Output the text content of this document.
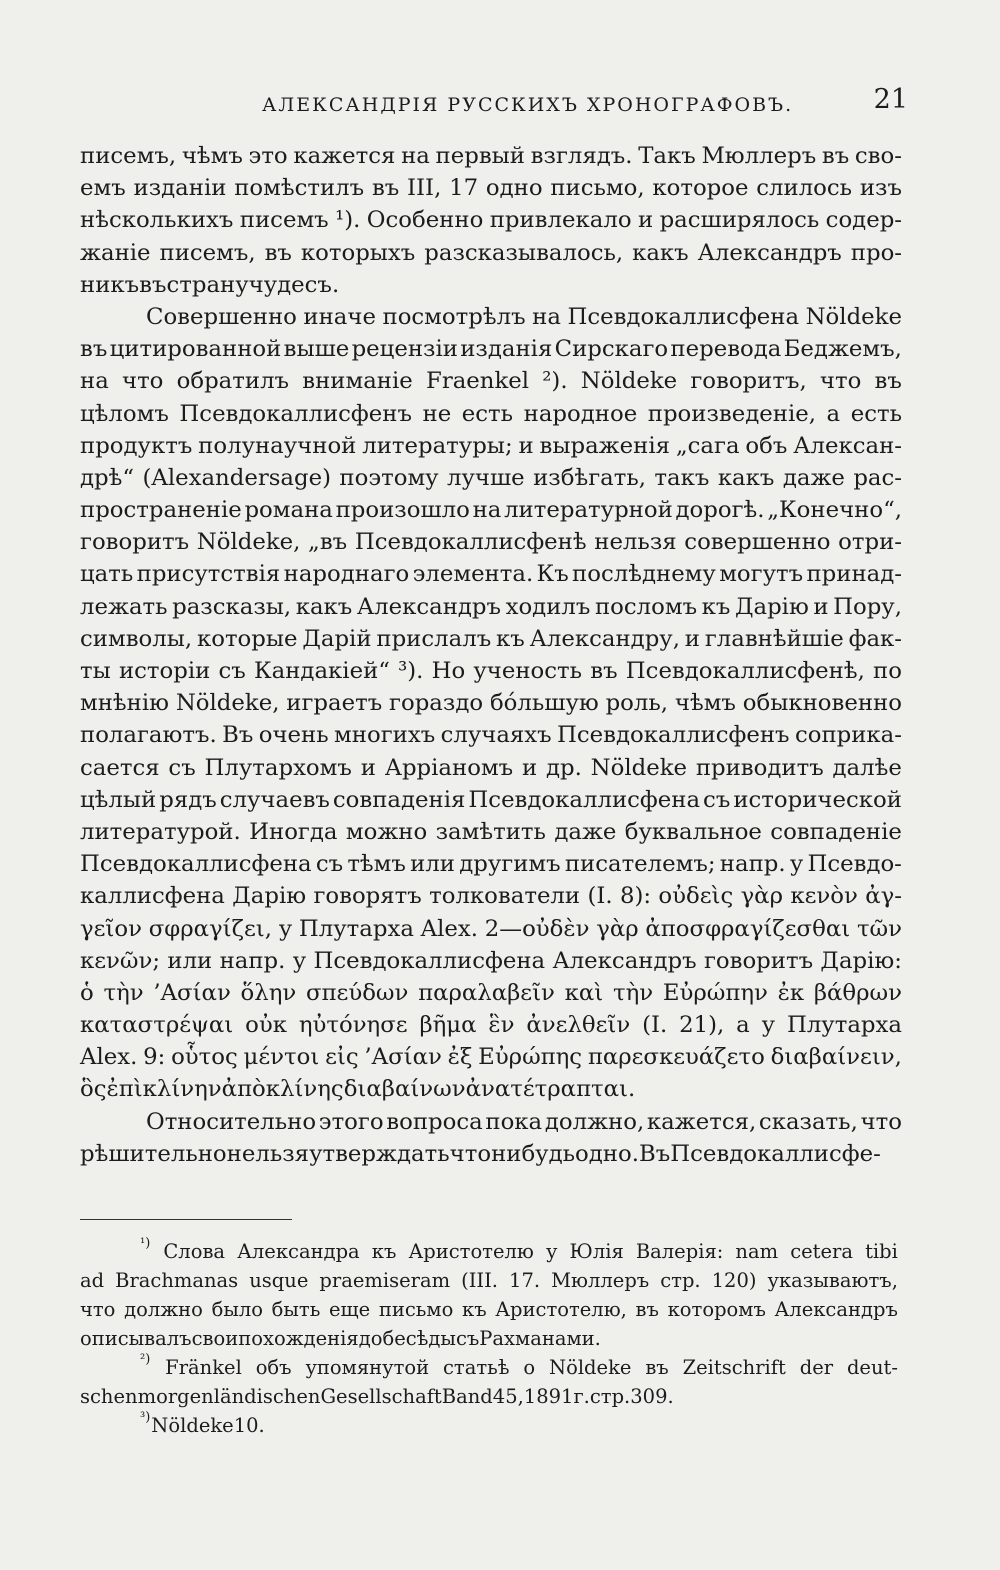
АЛЕКСАНДРІЯ РУССКИХЪ ХРОНОГРАФОВЪ.	21
писемъ, чѣмъ это кажется на первый взглядъ. Такъ Мюллеръ въ сво-
емъ изданіи помѣстилъ въ III, 17 одно письмо, которое слилось изъ
нѣсколькихъ писемъ ¹). Особенно привлекало и расширялось содер-
жаніе писемъ, въ которыхъ разсказывалось, какъ Александръ про-
никъ въ страну чудесъ.
Совершенно иначе посмотрѣлъ на Псевдокаллисфена Nöldeke
въ цитированной выше рецензіи изданія Сирскаго перевода Беджемъ,
на что обратилъ вниманіе Fraenkel ²). Nöldeke говоритъ, что въ
цѣломъ Псевдокаллисфенъ не есть народное произведеніе, а есть
продуктъ полунаучной литературы; и выраженія „сага объ Алексан-
дрѣ“ (Alexandersage) поэтому лучше избѣгать, такъ какъ даже рас-
пространеніе романа произошло на литературной дорогѣ. „Конечно“,
говоритъ Nöldeke, „въ Псевдокаллисфенѣ нельзя совершенно отри-
цать присутствія народнаго элемента. Къ послѣднему могутъ принад-
лежать разсказы, какъ Александръ ходилъ посломъ къ Дарію и Пору,
символы, которые Дарій прислалъ къ Александру, и главнѣйшіе фак-
ты исторіи съ Кандакіей“ ³). Но ученость въ Псевдокаллисфенѣ, по
мнѣнію Nöldeke, играетъ гораздо бо́льшую роль, чѣмъ обыкновенно
полагаютъ. Въ очень многихъ случаяхъ Псевдокаллисфенъ соприка-
сается съ Плутархомъ и Арріаномъ и др. Nöldeke приводитъ далѣе
цѣлый рядъ случаевъ совпаденія Псевдокаллисфена съ исторической
литературой. Иногда можно замѣтить даже буквальное совпаденіе
Псевдокаллисфена съ тѣмъ или другимъ писателемъ; напр. у Псевдо-
каллисфена Дарію говорятъ толкователи (I. 8): οὐδεὶς γὰρ κενὸν ἀγ-
γεῖον σφραγίζει, у Плутарха Alex. 2—οὐδὲν γὰρ ἀποσφραγίζεσθαι τῶν
κενῶν; или напр. у Псевдокаллисфена Александръ говоритъ Дарію:
ὁ τὴν ’Ασίαν ὅλην σπεύδων παραλαβεῖν καὶ τὴν Εὐρώπην ἐκ βάθρων
καταστρέψαι οὐκ ηὐτόνησε βῆμα ἓν ἀνελθεῖν (I. 21), а у Плутарха
Alex. 9: οὗτος μέντοι εἰς ’Ασίαν ἐξ Εὐρώπης παρεσκευάζετο διαβαίνειν,
ὃς ἐπὶ κλίνην ἀπὸ κλίνης διαβαίνων ἀνατέτραπται.
Относительно этого вопроса пока должно, кажется, сказать, что
рѣшительно нельзя утверждать что нибудь одно. Въ Псевдокаллисфе-
¹) Слова Александра къ Аристотелю у Юлія Валерія: nam cetera tibi
ad Brachmanas usque praemiseram (III. 17. Мюллеръ стр. 120) указываютъ,
что должно было быть еще письмо къ Аристотелю, въ которомъ Александръ
описывалъ свои похожденія до бесѣды съ Рахманами.
²) Fränkel объ упомянутой статьѣ о Nöldeke въ Zeitschrift der deut-
schen morgenländischen Gesellschaft Band 45, 1891 г. стр. 309.
³) Nöldeke 10.
